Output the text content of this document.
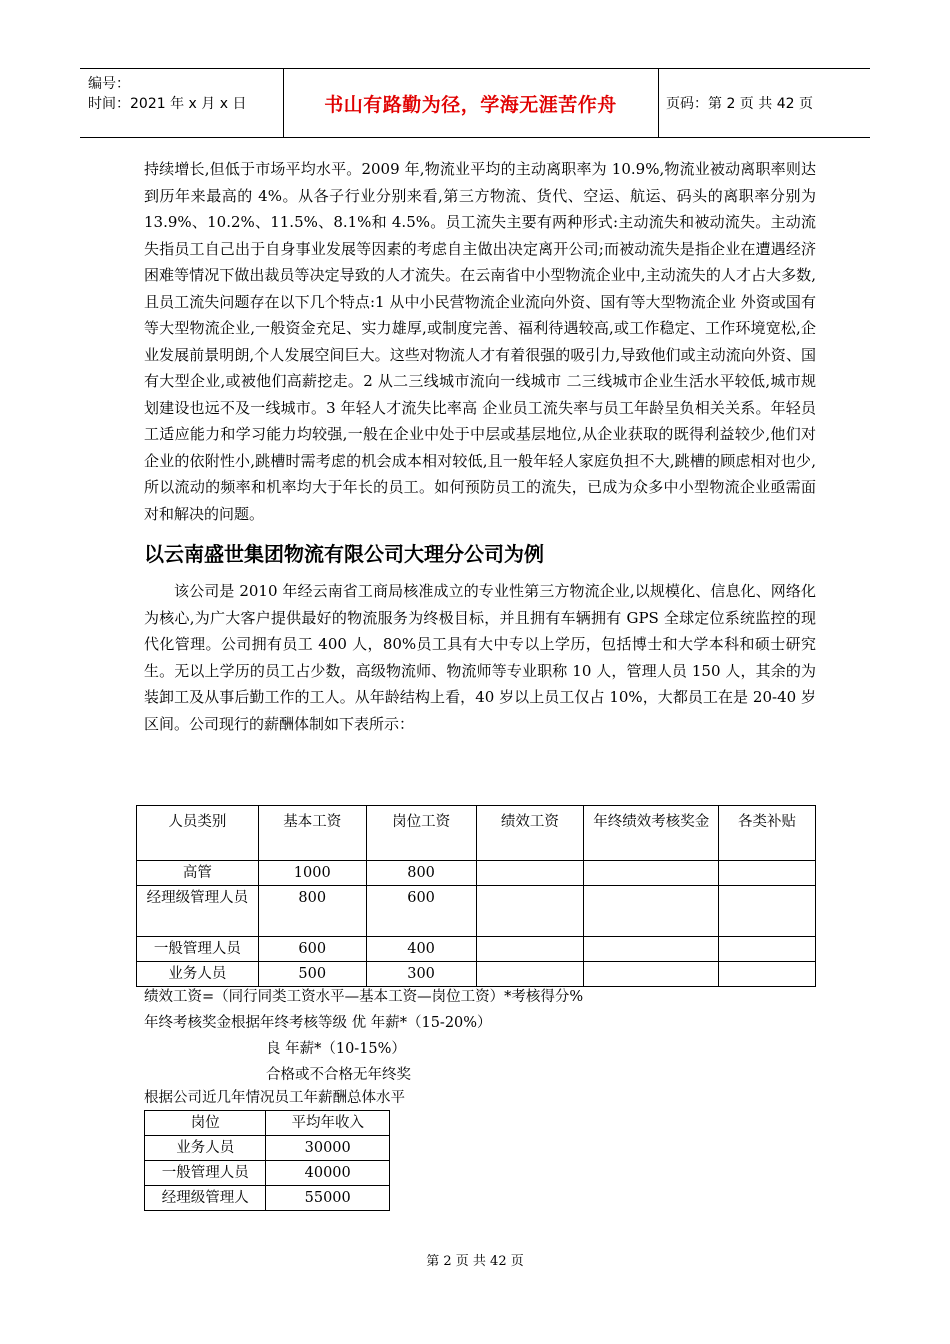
编号：
时间：2021 年 x 月 x 日	书山有路勤为径，学海无涯苦作舟	页码：第 2 页 共 42 页
持续增长,但低于市场平均水平。2009 年,物流业平均的主动离职率为 10.9%,物流业被动离职率则达到历年来最高的 4%。从各子行业分别来看,第三方物流、货代、空运、航运、码头的离职率分别为 13.9%、10.2%、11.5%、8.1%和 4.5%。员工流失主要有两种形式:主动流失和被动流失。主动流失指员工自己出于自身事业发展等因素的考虑自主做出决定离开公司;而被动流失是指企业在遭遇经济困难等情况下做出裁员等决定导致的人才流失。在云南省中小型物流企业中,主动流失的人才占大多数,且员工流失问题存在以下几个特点:1 从中小民营物流企业流向外资、国有等大型物流企业 外资或国有等大型物流企业,一般资金充足、实力雄厚,或制度完善、福利待遇较高,或工作稳定、工作环境宽松,企业发展前景明朗,个人发展空间巨大。这些对物流人才有着很强的吸引力,导致他们或主动流向外资、国有大型企业,或被他们高薪挖走。2 从二三线城市流向一线城市 二三线城市企业生活水平较低,城市规划建设也远不及一线城市。3 年轻人才流失比率高 企业员工流失率与员工年龄呈负相关关系。年轻员工适应能力和学习能力均较强,一般在企业中处于中层或基层地位,从企业获取的既得利益较少,他们对企业的依附性小,跳槽时需考虑的机会成本相对较低,且一般年轻人家庭负担不大,跳槽的顾虑相对也少,所以流动的频率和机率均大于年长的员工。如何预防员工的流失，已成为众多中小型物流企业亟需面对和解决的问题。
以云南盛世集团物流有限公司大理分公司为例
该公司是 2010 年经云南省工商局核准成立的专业性第三方物流企业,以规模化、信息化、网络化为核心,为广大客户提供最好的物流服务为终极目标，并且拥有车辆拥有 GPS 全球定位系统监控的现代化管理。公司拥有员工 400 人，80%员工具有大中专以上学历，包括博士和大学本科和硕士研究生。无以上学历的员工占少数，高级物流师、物流师等专业职称 10 人，管理人员 150 人，其余的为装卸工及从事后勤工作的工人。从年龄结构上看，40 岁以上员工仅占 10%，大都员工在是 20-40 岁区间。公司现行的薪酬体制如下表所示：
人员类别	基本工资	岗位工资	绩效工资	年终绩效考核奖金	各类补贴
高管	1000	800			
经理级管理人员	800	600			
一般管理人员	600	400			
业务人员	500	300			
绩效工资=（同行同类工资水平—基本工资—岗位工资）*考核得分%
年终考核奖金根据年终考核等级 优 年薪*（15-20%）
良 年薪*（10-15%）
合格或不合格无年终奖
根据公司近几年情况员工年薪酬总体水平
岗位	平均年收入
业务人员	30000
一般管理人员	40000
经理级管理人	55000
第 2 页 共 42 页
